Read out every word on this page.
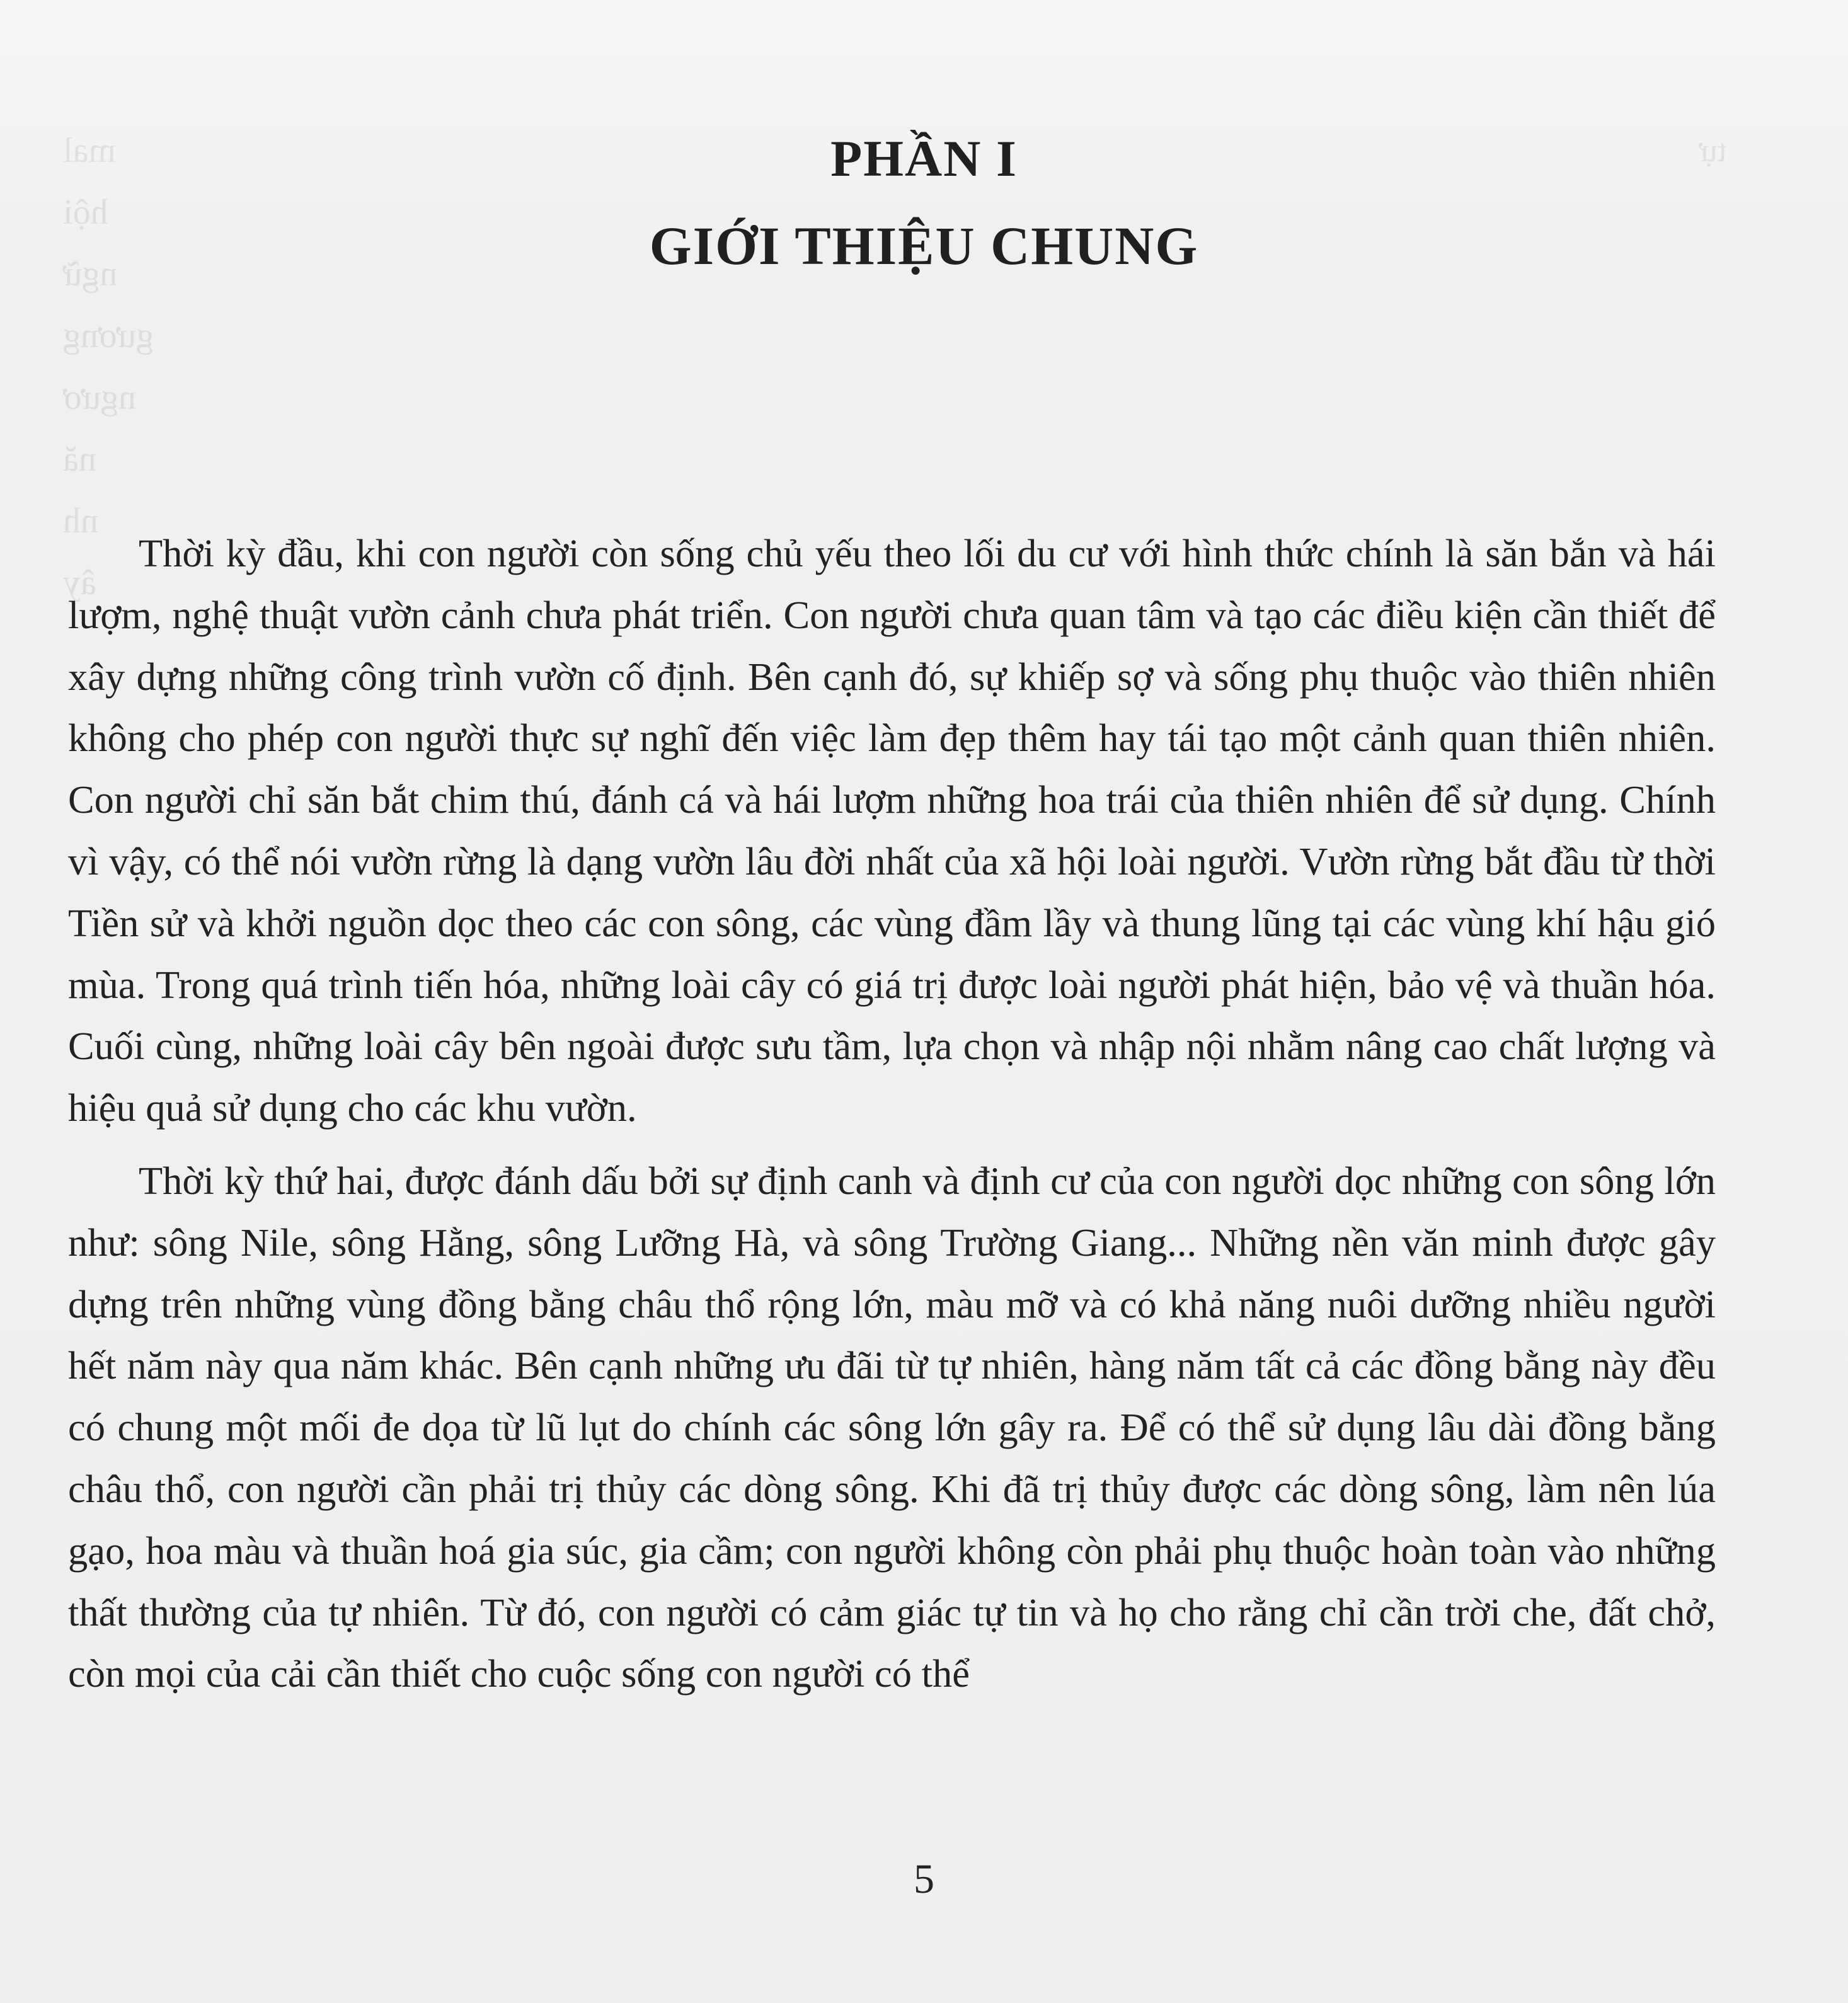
mal
hội
ngữ
gương
ngươ
nă
nh
ây
tự
PHẦN I
GIỚI THIỆU CHUNG

Thời kỳ đầu, khi con người còn sống chủ yếu theo lối du cư với hình thức chính là săn bắn và hái lượm, nghệ thuật vườn cảnh chưa phát triển. Con người chưa quan tâm và tạo các điều kiện cần thiết để xây dựng những công trình vườn cố định. Bên cạnh đó, sự khiếp sợ và sống phụ thuộc vào thiên nhiên không cho phép con người thực sự nghĩ đến việc làm đẹp thêm hay tái tạo một cảnh quan thiên nhiên. Con người chỉ săn bắt chim thú, đánh cá và hái lượm những hoa trái của thiên nhiên để sử dụng. Chính vì vậy, có thể nói vườn rừng là dạng vườn lâu đời nhất của xã hội loài người. Vườn rừng bắt đầu từ thời Tiền sử và khởi nguồn dọc theo các con sông, các vùng đầm lầy và thung lũng tại các vùng khí hậu gió mùa. Trong quá trình tiến hóa, những loài cây có giá trị được loài người phát hiện, bảo vệ và thuần hóa. Cuối cùng, những loài cây bên ngoài được sưu tầm, lựa chọn và nhập nội nhằm nâng cao chất lượng và hiệu quả sử dụng cho các khu vườn.

Thời kỳ thứ hai, được đánh dấu bởi sự định canh và định cư của con người dọc những con sông lớn như: sông Nile, sông Hằng, sông Lưỡng Hà, và sông Trường Giang... Những nền văn minh được gây dựng trên những vùng đồng bằng châu thổ rộng lớn, màu mỡ và có khả năng nuôi dưỡng nhiều người hết năm này qua năm khác. Bên cạnh những ưu đãi từ tự nhiên, hàng năm tất cả các đồng bằng này đều có chung một mối đe dọa từ lũ lụt do chính các sông lớn gây ra. Để có thể sử dụng lâu dài đồng bằng châu thổ, con người cần phải trị thủy các dòng sông. Khi đã trị thủy được các dòng sông, làm nên lúa gạo, hoa màu và thuần hoá gia súc, gia cầm; con người không còn phải phụ thuộc hoàn toàn vào những thất thường của tự nhiên. Từ đó, con người có cảm giác tự tin và họ cho rằng chỉ cần trời che, đất chở, còn mọi của cải cần thiết cho cuộc sống con người có thể

5
